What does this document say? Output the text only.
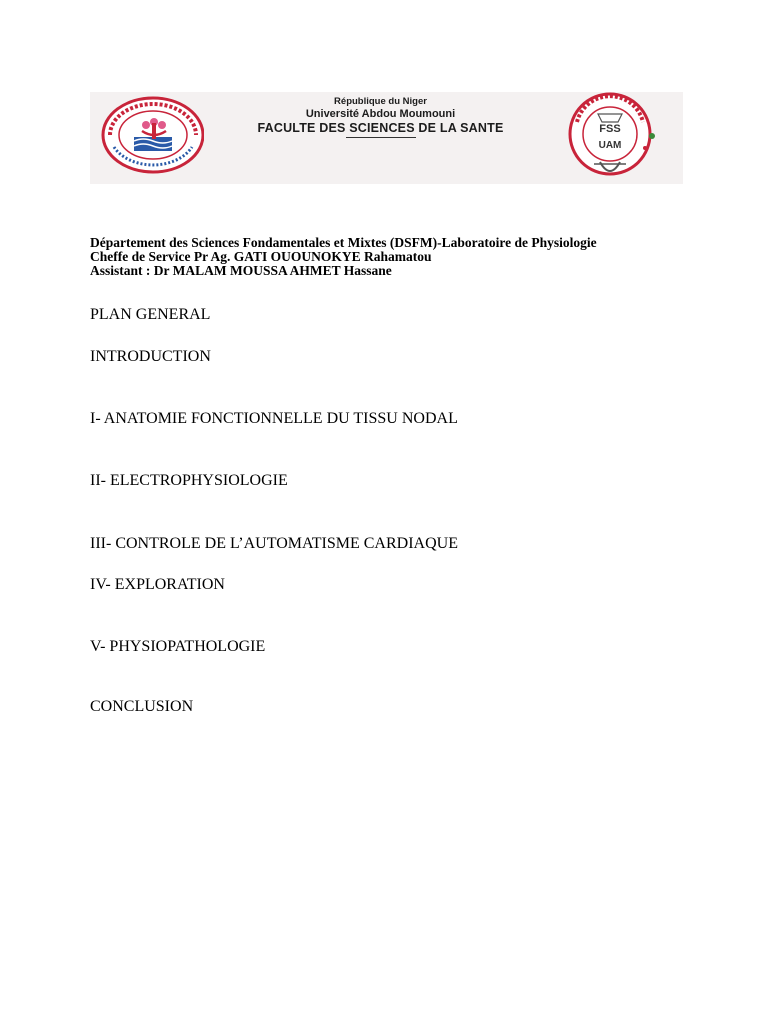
UNIVERSITE ABDOU MOUMOUNI · Excellence Savoir Solidarité Paix
République du Niger
Université Abdou Moumouni
FACULTE DES SCIENCES DE LA SANTE	FSS
UAM
FACULTE DES SCIENCES DE LA SANTE · FSS · UAM · NIAMEY · NIGER
Département des Sciences Fondamentales et Mixtes (DSFM)-Laboratoire de Physiologie
Cheffe de Service Pr Ag. GATI OUOUNOKYE Rahamatou
Assistant : Dr MALAM MOUSSA AHMET Hassane
PLAN GENERAL
INTRODUCTION
I- ANATOMIE FONCTIONNELLE DU TISSU NODAL
II- ELECTROPHYSIOLOGIE
III- CONTROLE DE L’AUTOMATISME CARDIAQUE
IV- EXPLORATION
V- PHYSIOPATHOLOGIE
CONCLUSION
